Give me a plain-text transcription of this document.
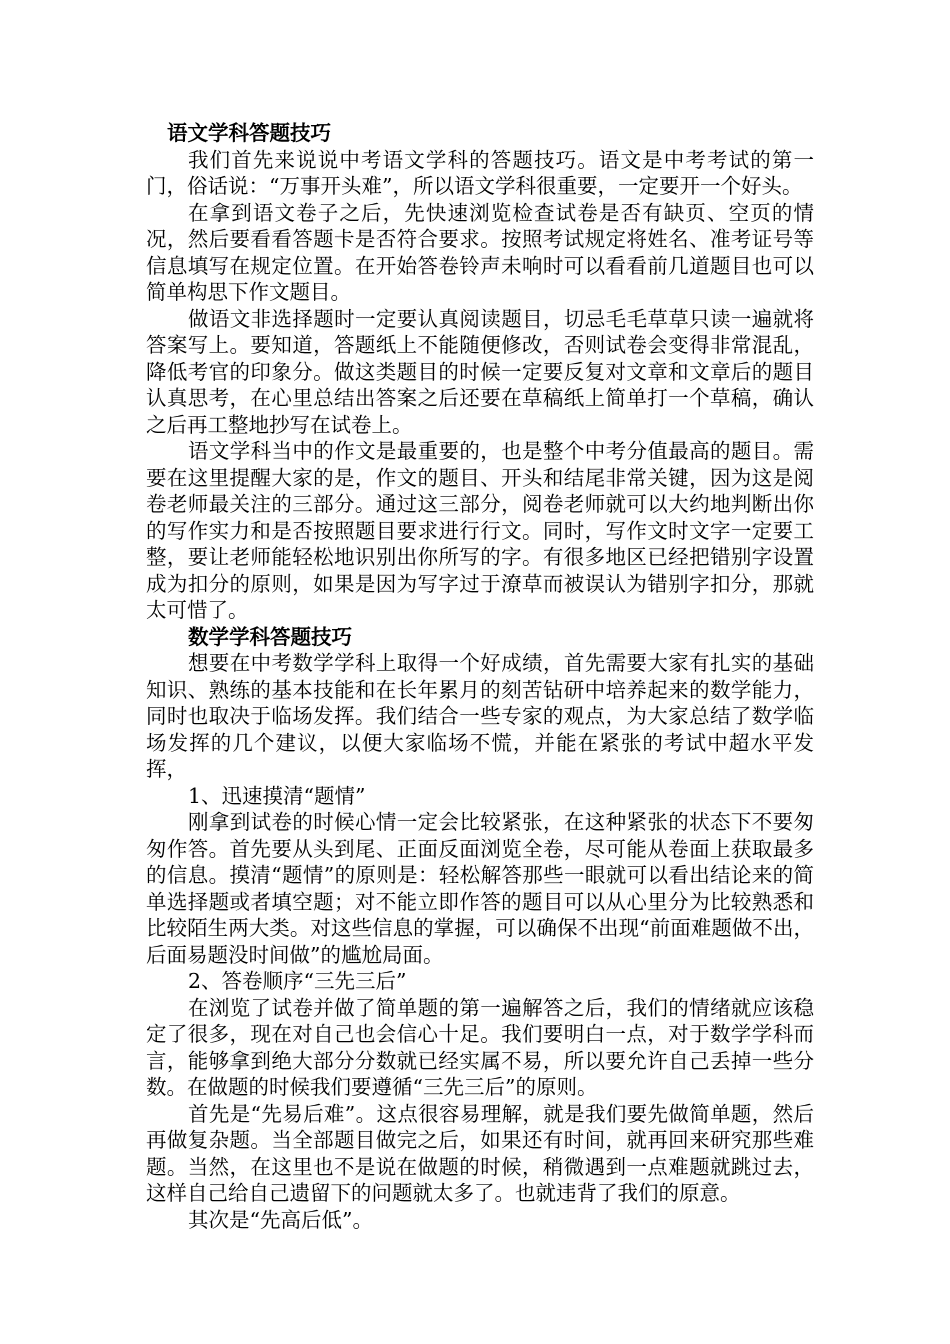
语文学科答题技巧

我们首先来说说中考语文学科的答题技巧。语文是中考考试的第一门，俗话说：“万事开头难”，所以语文学科很重要，一定要开一个好头。

在拿到语文卷子之后，先快速浏览检查试卷是否有缺页、空页的情况，然后要看看答题卡是否符合要求。按照考试规定将姓名、准考证号等信息填写在规定位置。在开始答卷铃声未响时可以看看前几道题目也可以简单构思下作文题目。

做语文非选择题时一定要认真阅读题目，切忌毛毛草草只读一遍就将答案写上。要知道，答题纸上不能随便修改，否则试卷会变得非常混乱，降低考官的印象分。做这类题目的时候一定要反复对文章和文章后的题目认真思考，在心里总结出答案之后还要在草稿纸上简单打一个草稿，确认之后再工整地抄写在试卷上。

语文学科当中的作文是最重要的，也是整个中考分值最高的题目。需要在这里提醒大家的是，作文的题目、开头和结尾非常关键，因为这是阅卷老师最关注的三部分。通过这三部分，阅卷老师就可以大约地判断出你的写作实力和是否按照题目要求进行行文。同时，写作文时文字一定要工整，要让老师能轻松地识别出你所写的字。有很多地区已经把错别字设置成为扣分的原则，如果是因为写字过于潦草而被误认为错别字扣分，那就太可惜了。

数学学科答题技巧

想要在中考数学学科上取得一个好成绩，首先需要大家有扎实的基础知识、熟练的基本技能和在长年累月的刻苦钻研中培养起来的数学能力，同时也取决于临场发挥。我们结合一些专家的观点，为大家总结了数学临场发挥的几个建议，以便大家临场不慌，并能在紧张的考试中超水平发挥，

1、迅速摸清“题情”

刚拿到试卷的时候心情一定会比较紧张，在这种紧张的状态下不要匆匆作答。首先要从头到尾、正面反面浏览全卷，尽可能从卷面上获取最多的信息。摸清“题情”的原则是：轻松解答那些一眼就可以看出结论来的简单选择题或者填空题；对不能立即作答的题目可以从心里分为比较熟悉和比较陌生两大类。对这些信息的掌握，可以确保不出现“前面难题做不出，后面易题没时间做”的尴尬局面。

2、答卷顺序“三先三后”

在浏览了试卷并做了简单题的第一遍解答之后，我们的情绪就应该稳定了很多，现在对自己也会信心十足。我们要明白一点，对于数学学科而言，能够拿到绝大部分分数就已经实属不易，所以要允许自己丢掉一些分数。在做题的时候我们要遵循“三先三后”的原则。

首先是“先易后难”。这点很容易理解，就是我们要先做简单题，然后再做复杂题。当全部题目做完之后，如果还有时间，就再回来研究那些难题。当然，在这里也不是说在做题的时候，稍微遇到一点难题就跳过去，这样自己给自己遗留下的问题就太多了。也就违背了我们的原意。

其次是“先高后低”。
